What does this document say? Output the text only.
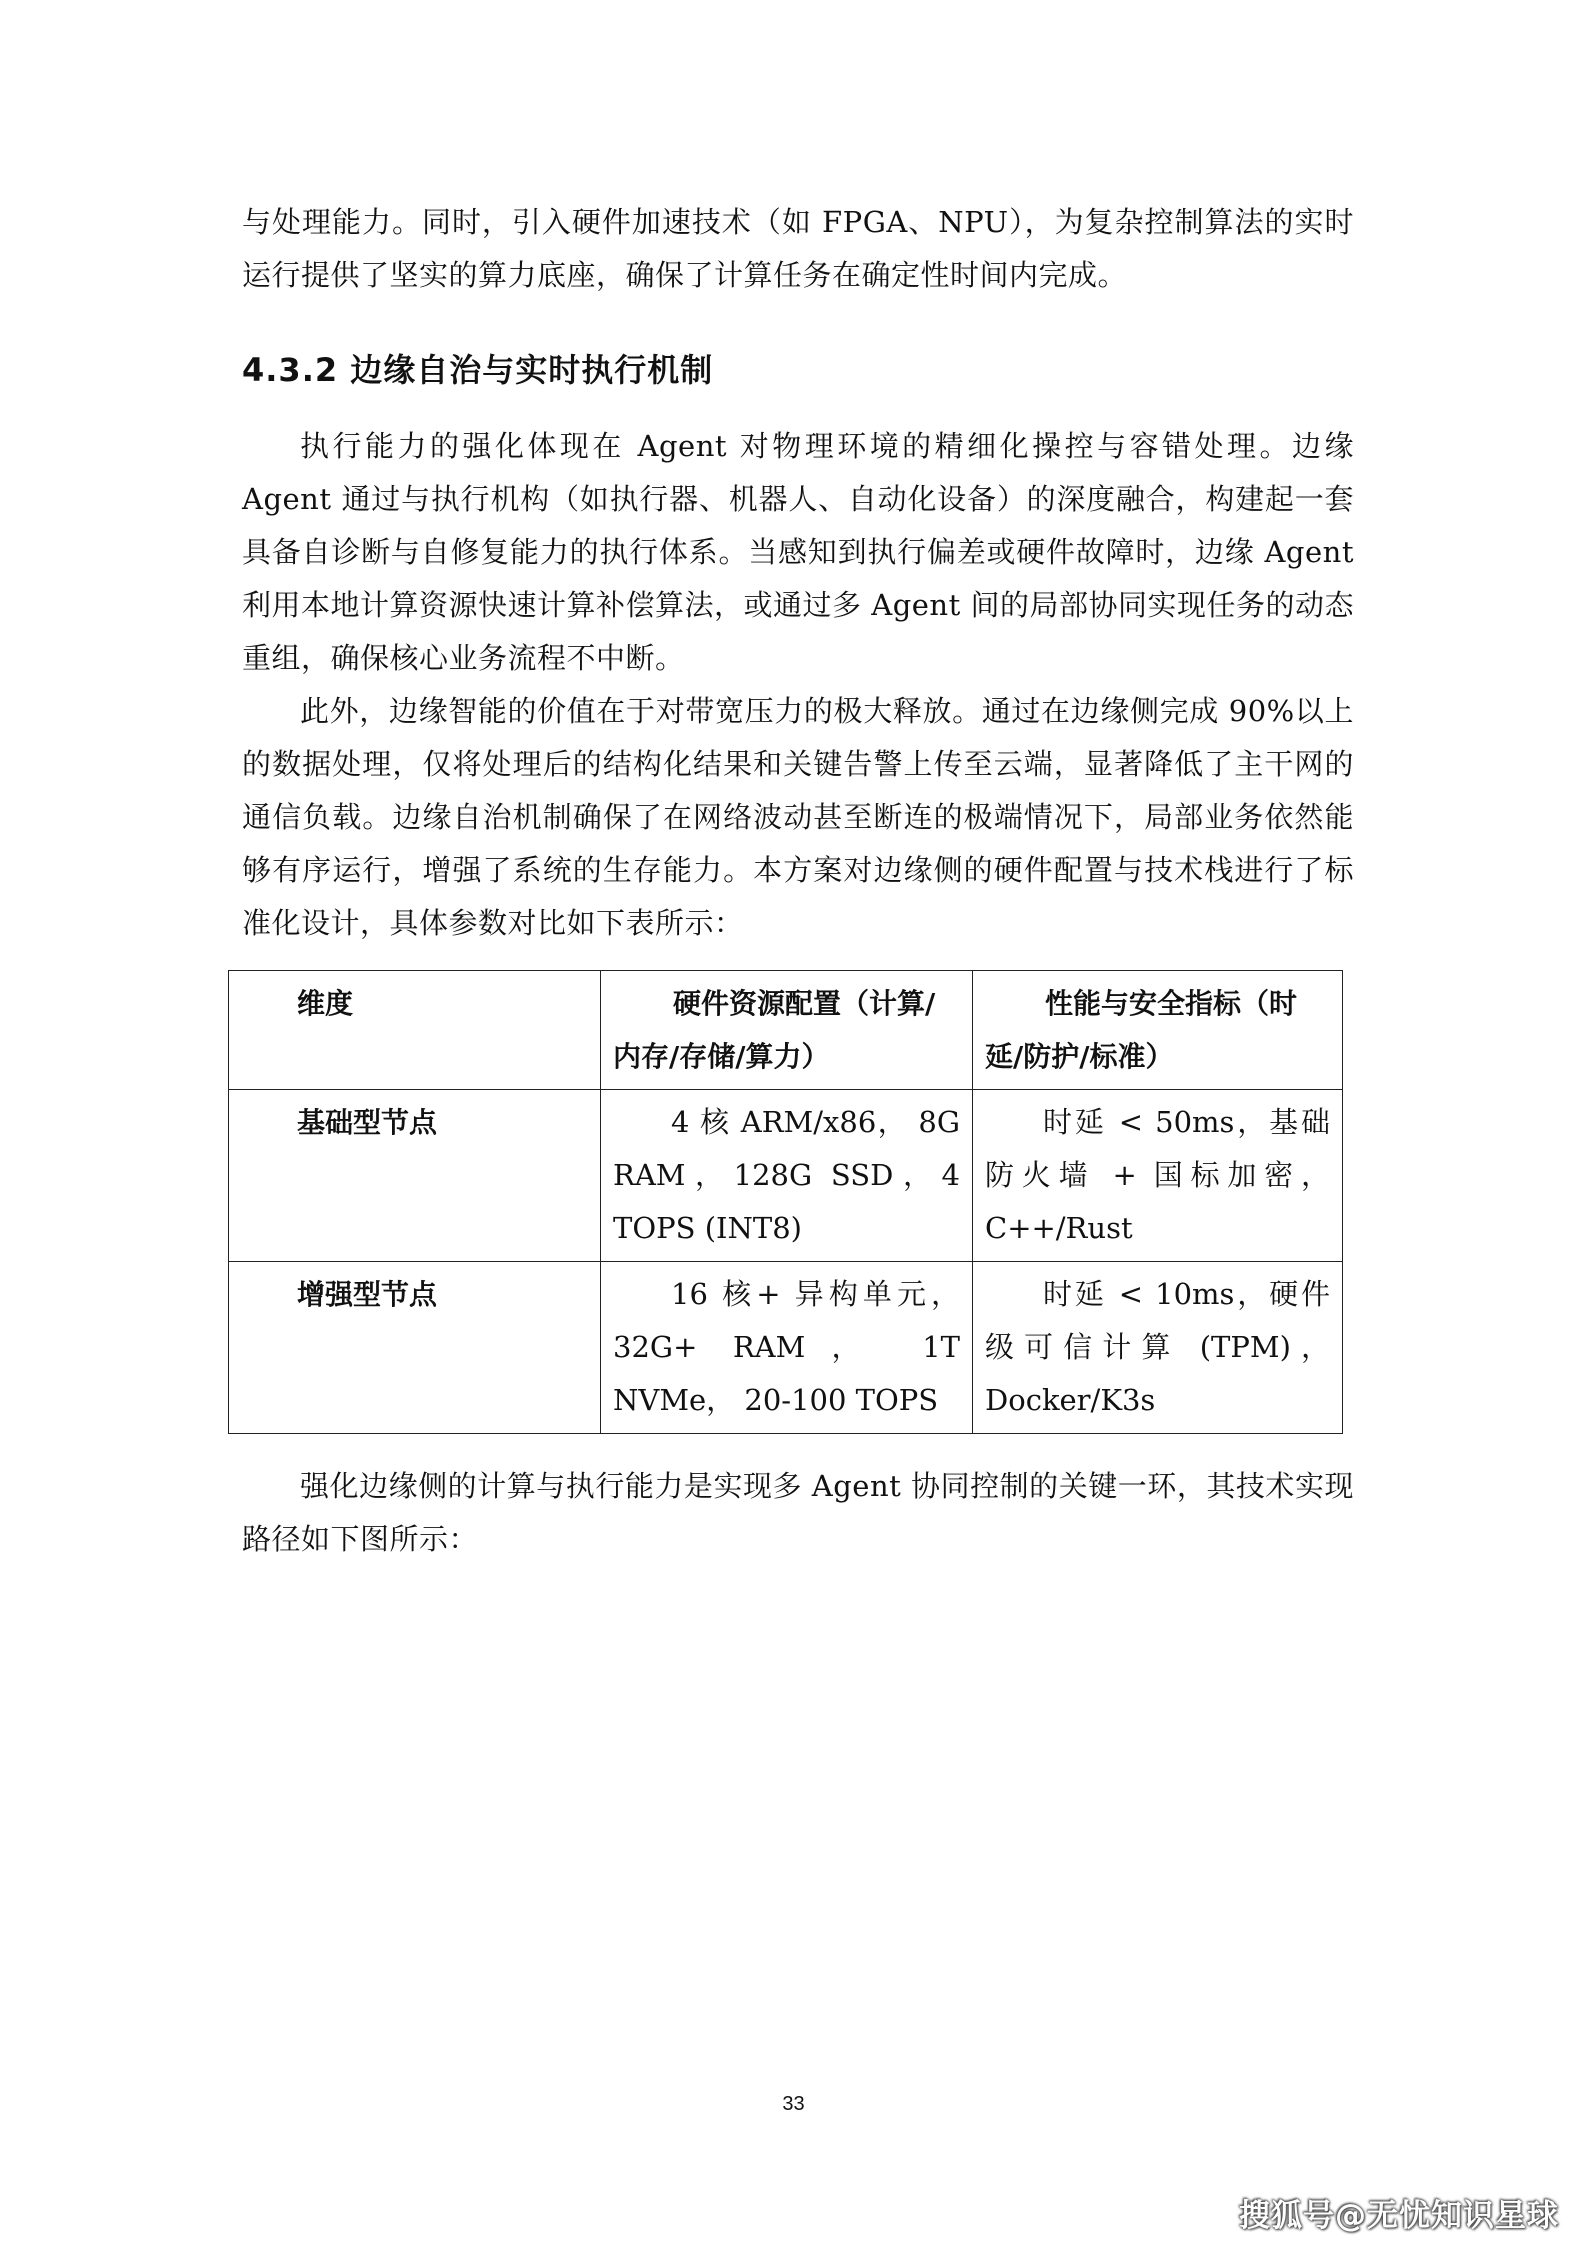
与处理能力。同时，引入硬件加速技术（如 FPGA、NPU），为复杂控制算法的实时运行提供了坚实的算力底座，确保了计算任务在确定性时间内完成。

4.3.2 边缘自治与实时执行机制

执行能力的强化体现在 Agent 对物理环境的精细化操控与容错处理。边缘 Agent 通过与执行机构（如执行器、机器人、自动化设备）的深度融合，构建起一套具备自诊断与自修复能力的执行体系。当感知到执行偏差或硬件故障时，边缘 Agent 利用本地计算资源快速计算补偿算法，或通过多 Agent 间的局部协同实现任务的动态重组，确保核心业务流程不中断。

此外，边缘智能的价值在于对带宽压力的极大释放。通过在边缘侧完成 90%以上的数据处理，仅将处理后的结构化结果和关键告警上传至云端，显著降低了主干网的通信负载。边缘自治机制确保了在网络波动甚至断连的极端情况下，局部业务依然能够有序运行，增强了系统的生存能力。本方案对边缘侧的硬件配置与技术栈进行了标准化设计，具体参数对比如下表所示：

维度	硬件资源配置（计算/内存/存储/算力）	性能与安全指标（时延/防护/标准）
基础型节点	4 核 ARM/x86， 8G RAM，128G SSD，4 TOPS (INT8)	时延 < 50ms，基础防火墙 + 国标加密，C++/Rust
增强型节点	16 核+ 异构单元，32G+ RAM， 1T NVMe， 20-100 TOPS	时延 < 10ms，硬件级可信计算 (TPM)，Docker/K3s

强化边缘侧的计算与执行能力是实现多 Agent 协同控制的关键一环，其技术实现路径如下图所示：

33
搜狐号@无忧知识星球
